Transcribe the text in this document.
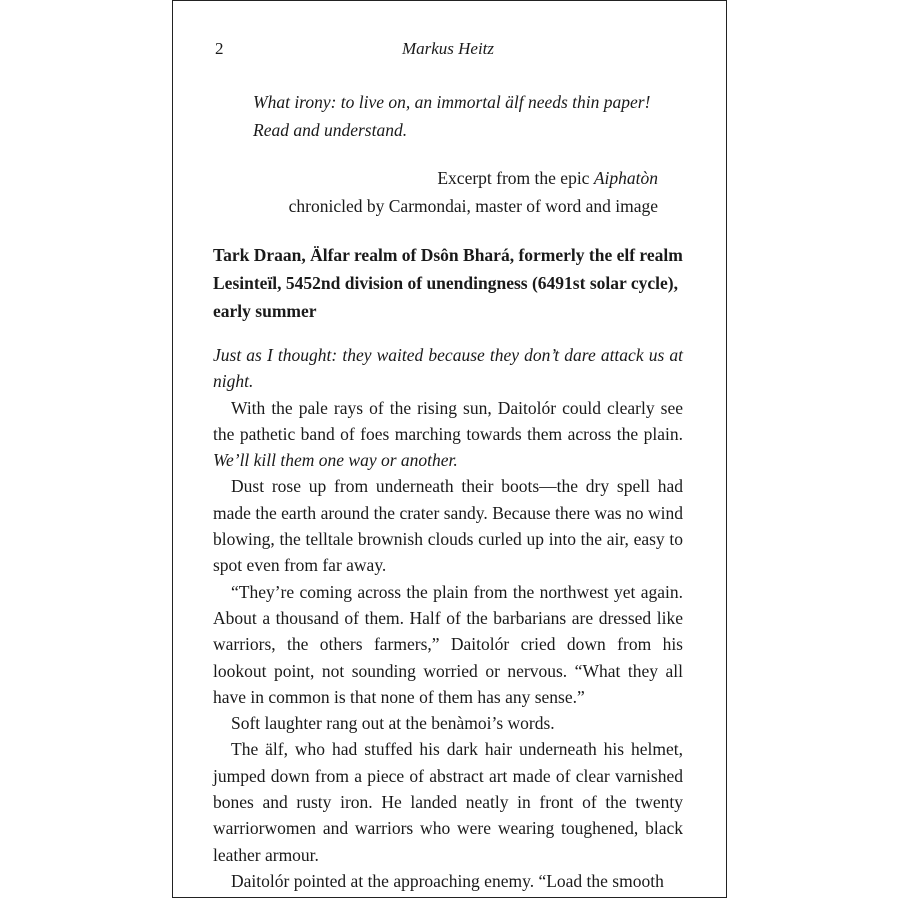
2	Markus Heitz
What irony: to live on, an immortal älf needs thin paper!
Read and understand.
Excerpt from the epic Aiphatòn
chronicled by Carmondai, master of word and image
Tark Draan, Älfar realm of Dsôn Bhará, formerly the elf realm Lesinteïl, 5452nd division of unendingness (6491st solar cycle), early summer

Just as I thought: they waited because they don’t dare attack us at night.

With the pale rays of the rising sun, Daitolór could clearly see the pathetic band of foes marching towards them across the plain. We’ll kill them one way or another.

Dust rose up from underneath their boots—the dry spell had made the earth around the crater sandy. Because there was no wind blowing, the telltale brownish clouds curled up into the air, easy to spot even from far away.

“They’re coming across the plain from the northwest yet again. About a thousand of them. Half of the barbarians are dressed like warriors, the others farmers,” Daitolór cried down from his lookout point, not sounding worried or nervous. “What they all have in common is that none of them has any sense.”

Soft laughter rang out at the benàmoi’s words.

The älf, who had stuffed his dark hair underneath his helmet, jumped down from a piece of abstract art made of clear varnished bones and rusty iron. He landed neatly in front of the twenty warriorwomen and warriors who were wearing toughened, black leather armour.

Daitolór pointed at the approaching enemy. “Load the smooth
